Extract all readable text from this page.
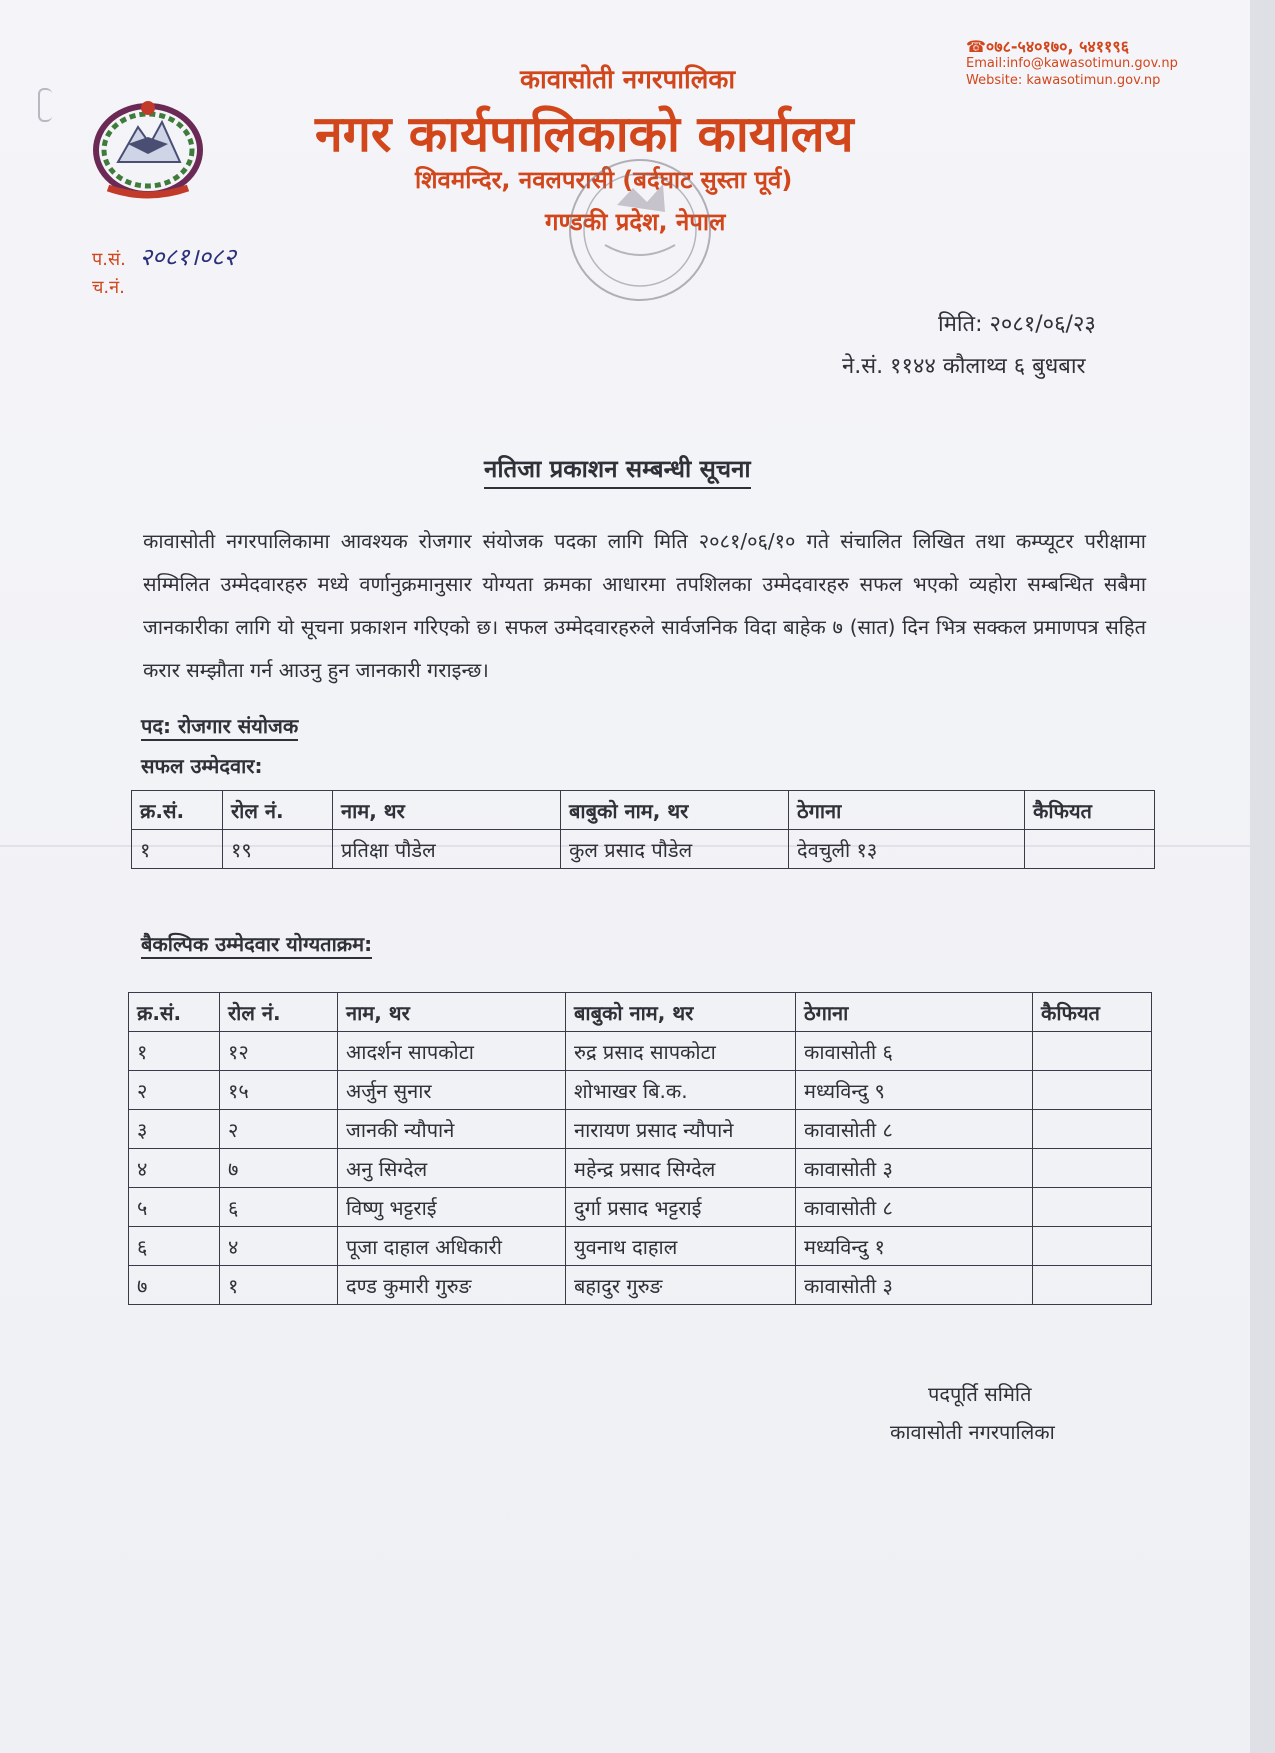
कावासोती नगरपालिका
नगर कार्यपालिकाको कार्यालय
शिवमन्दिर, नवलपरासी (बर्दघाट सुस्ता पूर्व)
गण्डकी प्रदेश, नेपाल
☎०७८-५४०१७०, ५४११९६
Email:info@kawasotimun.gov.np
Website: kawasotimun.gov.np
प.सं. २०८१।०८२
च.नं.
मिति: २०८१/०६/२३
ने.सं. ११४४ कौलाथ्व ६ बुधबार
नतिजा प्रकाशन सम्बन्धी सूचना
कावासोती नगरपालिकामा आवश्यक रोजगार संयोजक पदका लागि मिति २०८१/०६/१० गते संचालित लिखित तथा कम्प्यूटर परीक्षामा सम्मिलित उम्मेदवारहरु मध्ये वर्णानुक्रमानुसार योग्यता क्रमका आधारमा तपशिलका उम्मेदवारहरु सफल भएको व्यहोरा सम्बन्धित सबैमा जानकारीका लागि यो सूचना प्रकाशन गरिएको छ। सफल उम्मेदवारहरुले सार्वजनिक विदा बाहेक ७ (सात) दिन भित्र सक्कल प्रमाणपत्र सहित करार सम्झौता गर्न आउनु हुन जानकारी गराइन्छ।
पद: रोजगार संयोजक
सफल उम्मेदवार:
क्र.सं.	रोल नं.	नाम, थर	बाबुको नाम, थर	ठेगाना	कैफियत
१	१९	प्रतिक्षा पौडेल	कुल प्रसाद पौडेल	देवचुली १३	
बैकल्पिक उम्मेदवार योग्यताक्रम:
क्र.सं.	रोल नं.	नाम, थर	बाबुको नाम, थर	ठेगाना	कैफियत
१	१२	आदर्शन सापकोटा	रुद्र प्रसाद सापकोटा	कावासोती ६	
२	१५	अर्जुन सुनार	शोभाखर बि.क.	मध्यविन्दु ९	
३	२	जानकी न्यौपाने	नारायण प्रसाद न्यौपाने	कावासोती ८	
४	७	अनु सिग्देल	महेन्द्र प्रसाद सिग्देल	कावासोती ३	
५	६	विष्णु भट्टराई	दुर्गा प्रसाद भट्टराई	कावासोती ८	
६	४	पूजा दाहाल अधिकारी	युवनाथ दाहाल	मध्यविन्दु १	
७	१	दण्ड कुमारी गुरुङ	बहादुर गुरुङ	कावासोती ३	
पदपूर्ति समिति
कावासोती नगरपालिका
